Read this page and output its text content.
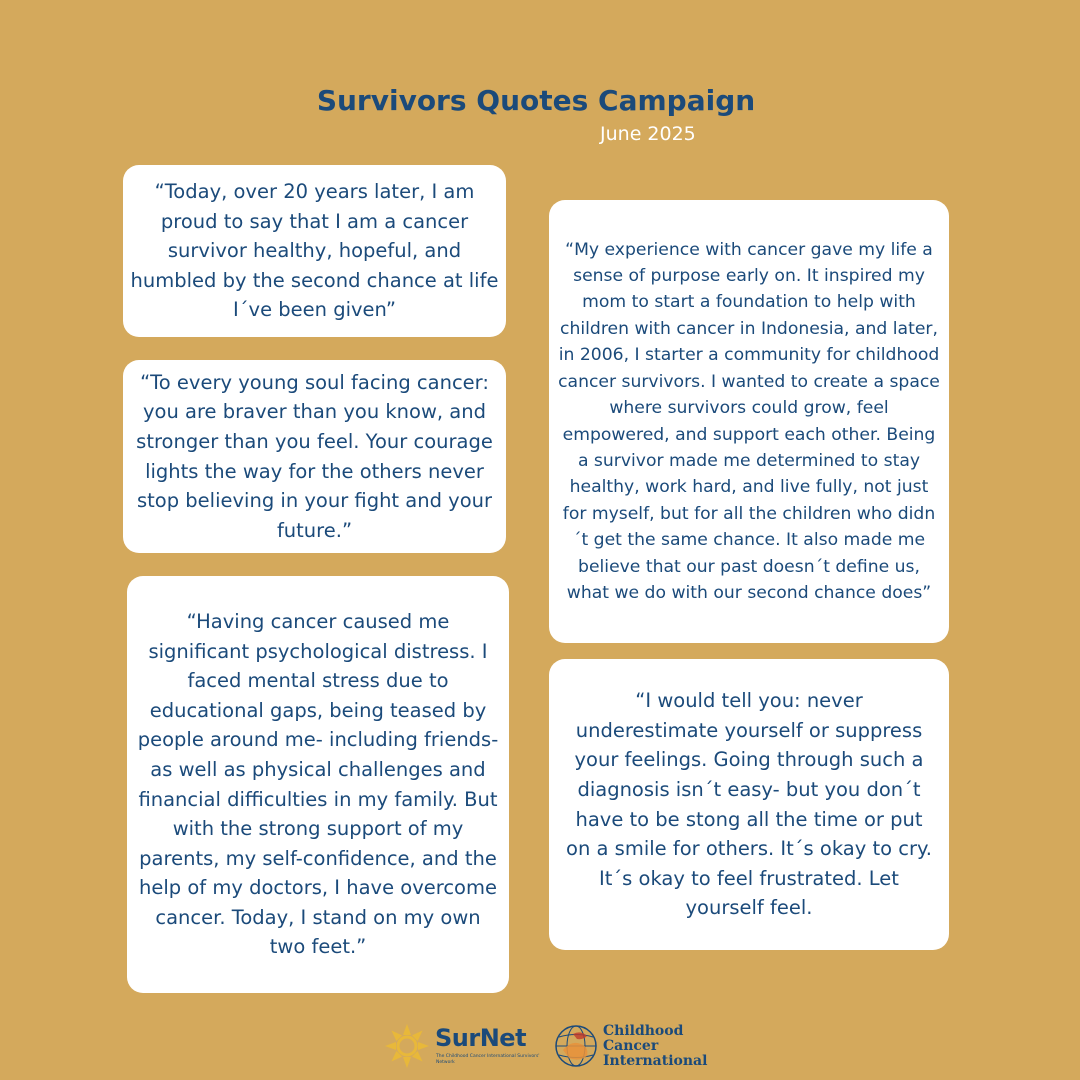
Survivors Quotes Campaign
June 2025

“Today, over 20 years later, I am proud to say that I am a cancer survivor healthy, hopeful, and humbled by the second chance at life I´ve been given”

“To every young soul facing cancer: you are braver than you know, and stronger than you feel. Your courage lights the way for the others never stop believing in your fight and your future.”

“Having cancer caused me significant psychological distress. I faced mental stress due to educational gaps, being teased by people around me- including friends- as well as physical challenges and financial difficulties in my family. But with the strong support of my parents, my self-confidence, and the help of my doctors, I have overcome cancer. Today, I stand on my own two feet.”

“My experience with cancer gave my life a sense of purpose early on. It inspired my mom to start a foundation to help with children with cancer in Indonesia, and later, in 2006, I starter a community for childhood cancer survivors. I wanted to create a space where survivors could grow, feel empowered, and support each other. Being a survivor made me determined to stay healthy, work hard, and live fully, not just for myself, but for all the children who didn´t get the same chance. It also made me believe that our past doesn´t define us, what we do with our second chance does”

“I would tell you: never underestimate yourself or suppress your feelings. Going through such a diagnosis isn´t easy- but you don´t have to be stong all the time or put on a smile for others. It´s okay to cry. It´s okay to feel frustrated. Let yourself feel.

SurNet
The Childhood Cancer International Survivors' Network
Childhood
Cancer
International
